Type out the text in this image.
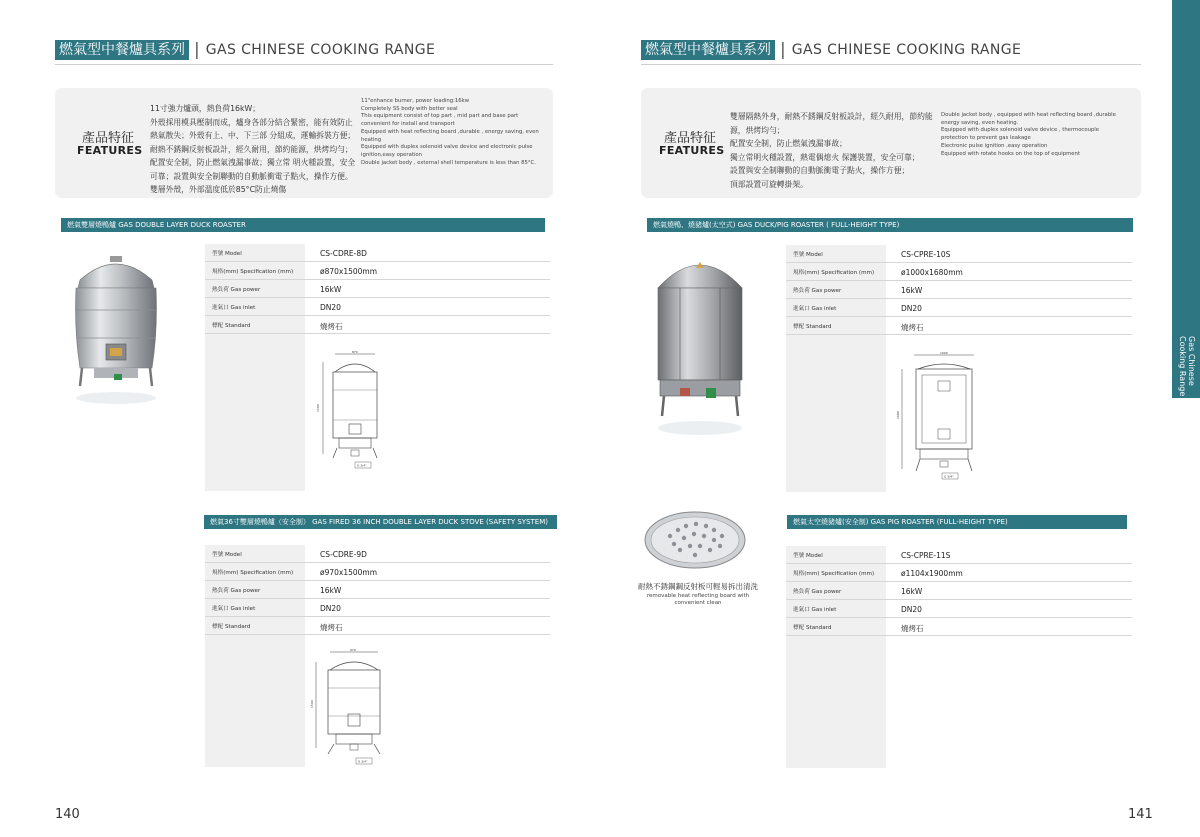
燃氣型中餐爐具系列 | GAS CHINESE COOKING RANGE
產品特征
FEATURES
11寸強力爐頭，熱負荷16kW；
外殼採用模具壓制而成，爐身各部分結合緊密，能有效防止
熱氣散失；外殼有上、中、下三部 分組成，運輸拆裝方便；
耐熱不銹鋼反射板設計，經久耐用，節約能源，烘烤均勻；
配置安全制，防止燃氣洩漏事故；獨立常 明火種設置，安全
可靠；設置與安全制聯動的自動脈衝電子點火，操作方便。
雙層外殼，外部溫度低於85°C防止燒傷
11"enhance burner, power loading:16kw
Completely SS body with better seal
This equipment consist of top part , mid part and base part
convenient for install and transport
Equipped with heat reflecting board ,durable , energy saving, even
heating
Equipped with duplex solenoid valve device and electronic pulse
ignition,easy operation
Double jacket body , external shell temperature is less than 85°C.
燃氣雙層燒鴨爐 GAS DOUBLE LAYER DUCK ROASTER
型號 Model	CS-CDRE-8D
規格(mm) Specification (mm)	ø870x1500mm
熱負荷 Gas power	16kW
進氣口 Gas inlet	DN20
標配 Standard	燒烤石
870
1500
G 3/4"
燃氣36寸雙層燒鴨爐（安全制） GAS FIRED 36 INCH DOUBLE LAYER DUCK STOVE (SAFETY SYSTEM)
型號 Model	CS-CDRE-9D
規格(mm) Specification (mm)	ø970x1500mm
熱負荷 Gas power	16kW
進氣口 Gas inlet	DN20
標配 Standard	燒烤石
970
1500
G 3/4"
140
燃氣型中餐爐具系列 | GAS CHINESE COOKING RANGE
產品特征
FEATURES
雙層隔熱外身，耐熱不銹鋼反射板設計，經久耐用，節約能
源，烘烤均勻；
配置安全制，防止燃氣洩漏事故；
獨立常明火種設置，熱電偶熄火 保護裝置，安全可靠；
設置與安全制聯動的自動脈衝電子點火，操作方便；
頂部設置可旋轉掛架。
Double jacket body , equipped with heat reflecting board ,durable
energy saving, even heating.
Equipped with duplex solenoid valve device , thermocouple
protection to prevent gas leakage
Electronic pulse ignition ,easy operation
Equipped with rotate hooks on the top of equipment
燃氣燒鴨、燒豬爐(太空式) GAS DUCK/PIG ROASTER ( FULL-HEIGHT TYPE)
型號 Model	CS-CPRE-10S
規格(mm) Specification (mm)	ø1000x1680mm
熱負荷 Gas power	16kW
進氣口 Gas inlet	DN20
標配 Standard	燒烤石
1000
1680
G 3/4"
耐熱不銹鋼鋼反射板可輕易拆出清洗
removable heat reflecting board with
convenient clean
燃氣太空燒豬爐(安全制) GAS PIG ROASTER (FULL-HEIGHT TYPE)
型號 Model	CS-CPRE-11S
規格(mm) Specification (mm)	ø1104x1900mm
熱負荷 Gas power	16kW
進氣口 Gas inlet	DN20
標配 Standard	燒烤石
Gas Chinese
Cooking Range
141
